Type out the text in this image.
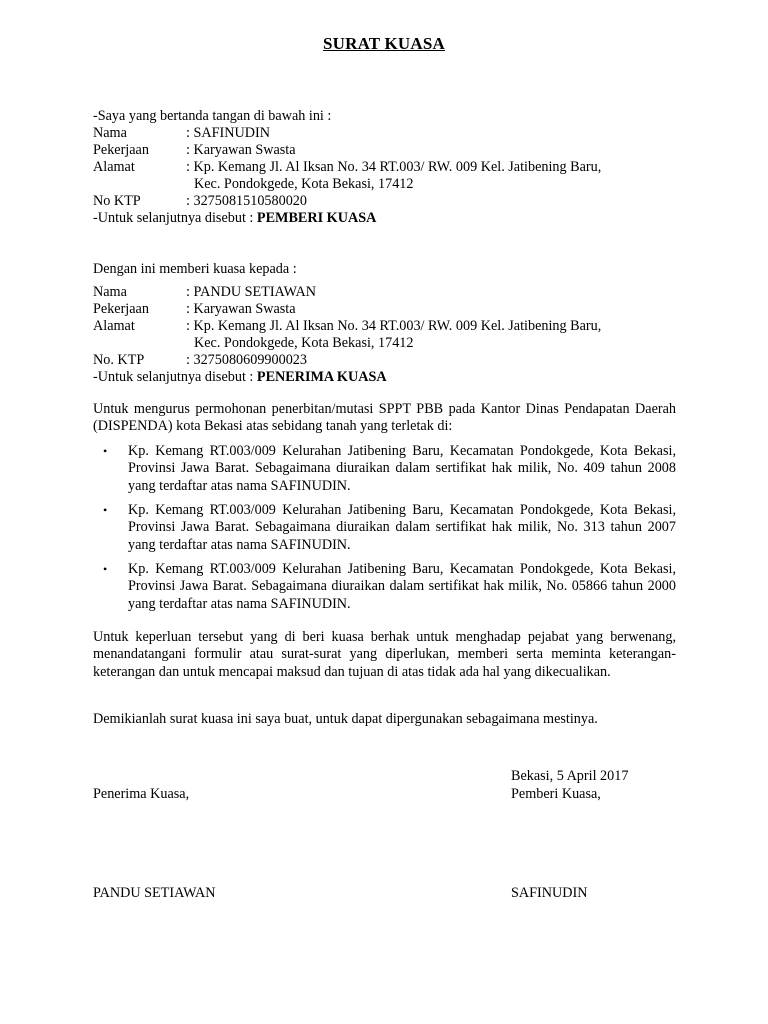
SURAT KUASA
-Saya yang bertanda tangan di bawah ini :
Nama	: SAFINUDIN
Pekerjaan	: Karyawan Swasta
Alamat	: Kp. Kemang Jl. Al Iksan No. 34 RT.003/ RW. 009 Kel. Jatibening Baru,
Kec. Pondokgede, Kota Bekasi, 17412
No KTP	: 3275081510580020
-Untuk selanjutnya disebut : PEMBERI KUASA
Dengan ini memberi kuasa kepada :
Nama	: PANDU SETIAWAN
Pekerjaan	: Karyawan Swasta
Alamat	: Kp. Kemang Jl. Al Iksan No. 34 RT.003/ RW. 009 Kel. Jatibening Baru,
Kec. Pondokgede, Kota Bekasi, 17412
No. KTP	: 3275080609900023
-Untuk selanjutnya disebut : PENERIMA KUASA
Untuk mengurus permohonan penerbitan/mutasi SPPT PBB pada Kantor Dinas Pendapatan Daerah (DISPENDA) kota Bekasi atas sebidang tanah yang terletak di:
• Kp. Kemang RT.003/009 Kelurahan Jatibening Baru, Kecamatan Pondokgede, Kota Bekasi, Provinsi Jawa Barat. Sebagaimana diuraikan dalam sertifikat hak milik, No. 409 tahun 2008 yang terdaftar atas nama SAFINUDIN.
• Kp. Kemang RT.003/009 Kelurahan Jatibening Baru, Kecamatan Pondokgede, Kota Bekasi, Provinsi Jawa Barat. Sebagaimana diuraikan dalam sertifikat hak milik, No. 313 tahun 2007 yang terdaftar atas nama SAFINUDIN.
• Kp. Kemang RT.003/009 Kelurahan Jatibening Baru, Kecamatan Pondokgede, Kota Bekasi, Provinsi Jawa Barat. Sebagaimana diuraikan dalam sertifikat hak milik, No. 05866 tahun 2000 yang terdaftar atas nama SAFINUDIN.
Untuk keperluan tersebut yang di beri kuasa berhak untuk menghadap pejabat yang berwenang, menandatangani formulir atau surat-surat yang diperlukan, memberi serta meminta keterangan-keterangan dan untuk mencapai maksud dan tujuan di atas tidak ada hal yang dikecualikan.
Demikianlah surat kuasa ini saya buat, untuk dapat dipergunakan sebagaimana mestinya.
Bekasi, 5 April 2017
Penerima Kuasa,	Pemberi Kuasa,
PANDU SETIAWAN	SAFINUDIN
